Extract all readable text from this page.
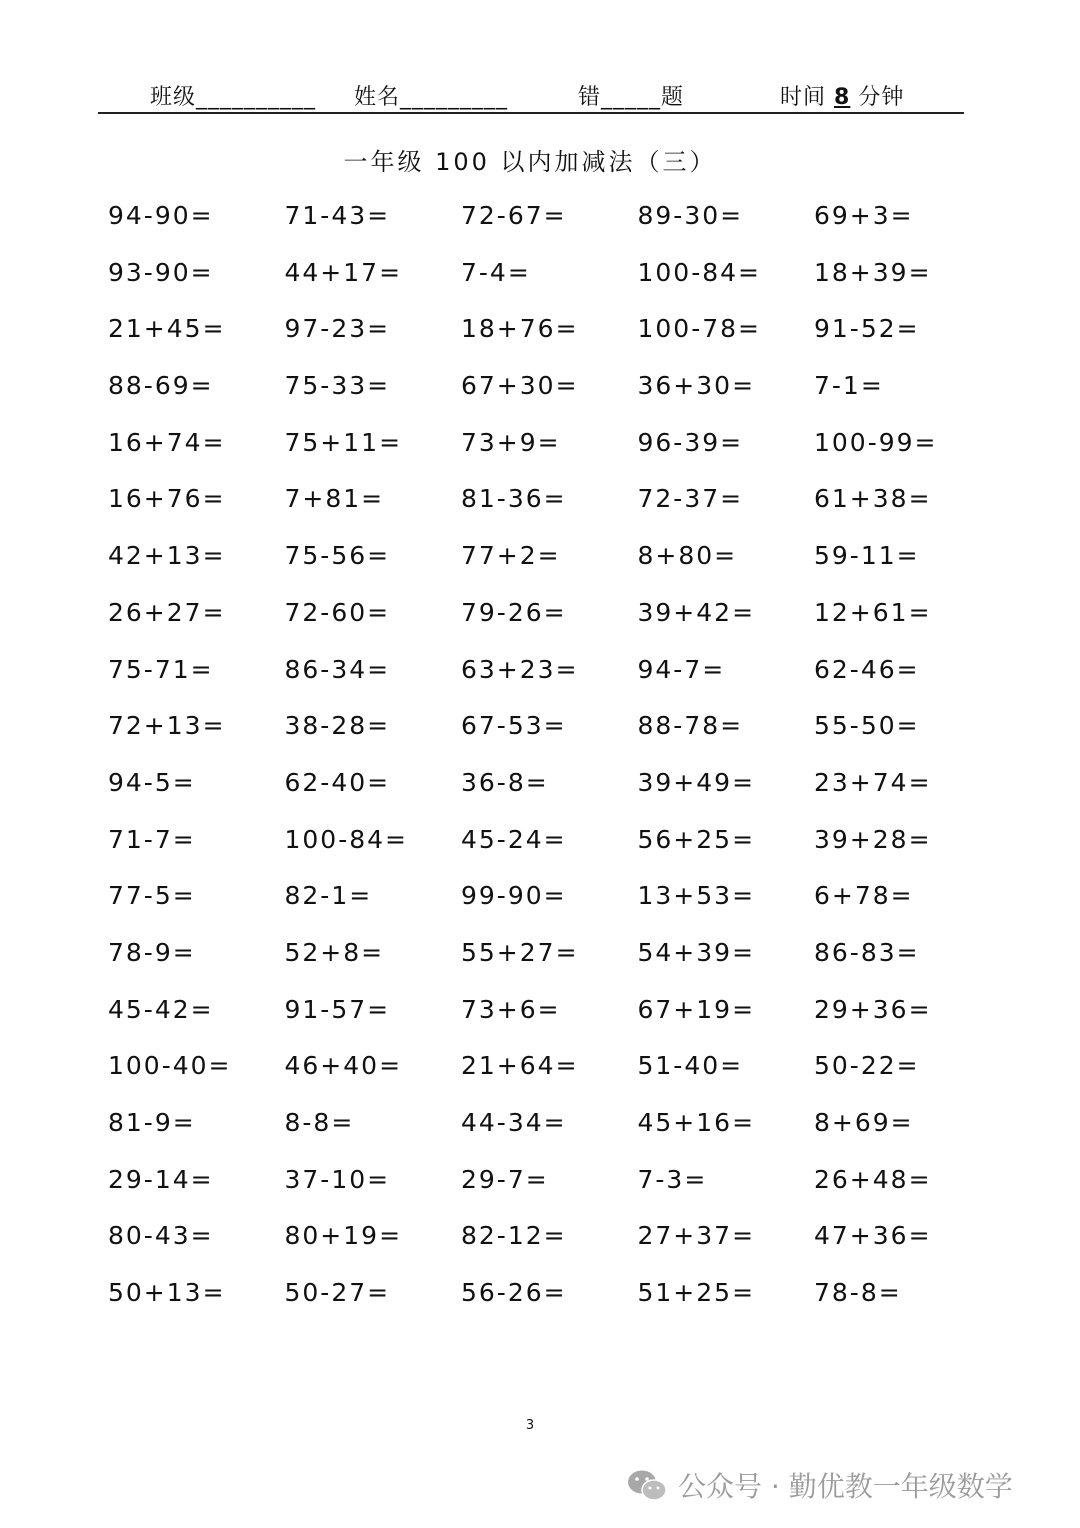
班级__________ 姓名_________	错_____题	时间 8 分钟
一年级 100 以内加减法（三）
94-90=	71-43=	72-67=	89-30=	69+3=
93-90=	44+17=	7-4=	100-84=	18+39=
21+45=	97-23=	18+76=	100-78=	91-52=
88-69=	75-33=	67+30=	36+30=	7-1=
16+74=	75+11=	73+9=	96-39=	100-99=
16+76=	7+81=	81-36=	72-37=	61+38=
42+13=	75-56=	77+2=	8+80=	59-11=
26+27=	72-60=	79-26=	39+42=	12+61=
75-71=	86-34=	63+23=	94-7=	62-46=
72+13=	38-28=	67-53=	88-78=	55-50=
94-5=	62-40=	36-8=	39+49=	23+74=
71-7=	100-84=	45-24=	56+25=	39+28=
77-5=	82-1=	99-90=	13+53=	6+78=
78-9=	52+8=	55+27=	54+39=	86-83=
45-42=	91-57=	73+6=	67+19=	29+36=
100-40=	46+40=	21+64=	51-40=	50-22=
81-9=	8-8=	44-34=	45+16=	8+69=
29-14=	37-10=	29-7=	7-3=	26+48=
80-43=	80+19=	82-12=	27+37=	47+36=
50+13=	50-27=	56-26=	51+25=	78-8=
3
公众号 · 勤优教一年级数学
